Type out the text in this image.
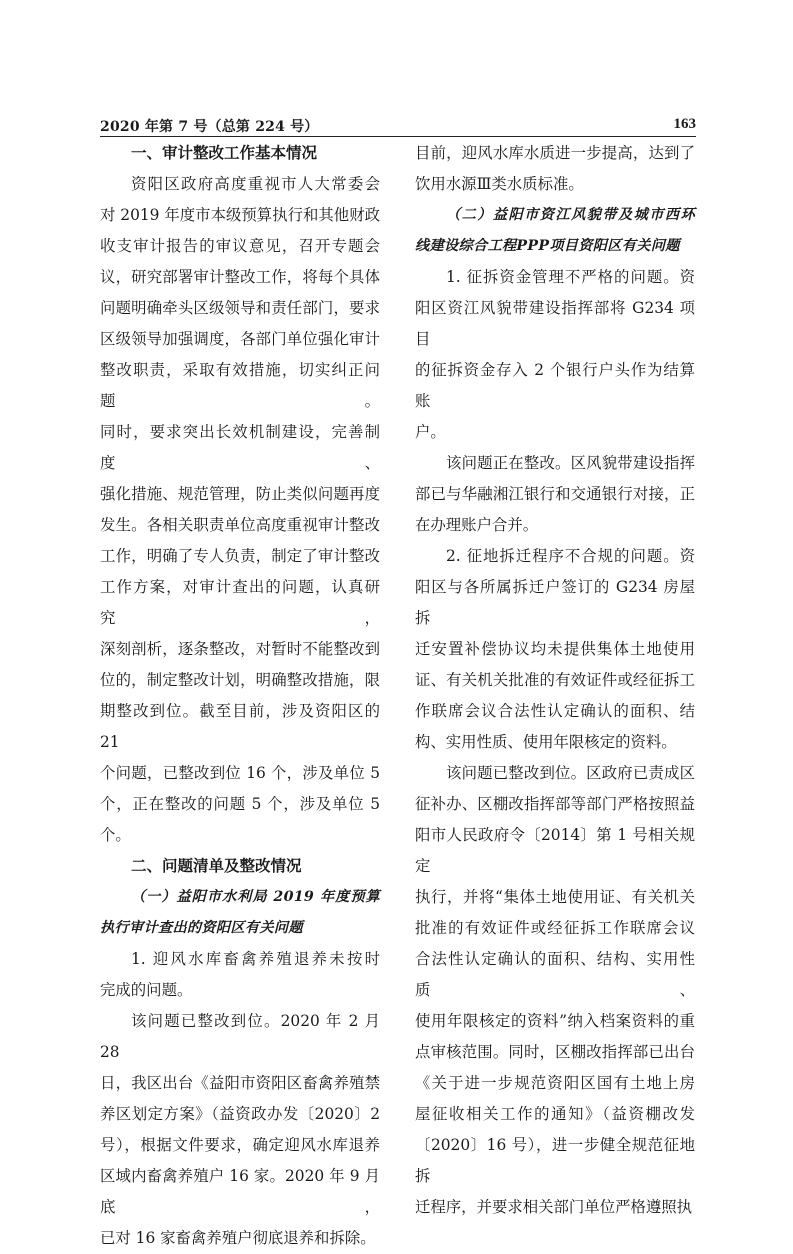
2020 年第 7 号（总第 224 号）	163

一、审计整改工作基本情况

资阳区政府高度重视市人大常委会

对 2019 年度市本级预算执行和其他财政

收支审计报告的审议意见，召开专题会

议，研究部署审计整改工作，将每个具体

问题明确牵头区级领导和责任部门，要求

区级领导加强调度，各部门单位强化审计

整改职责，采取有效措施，切实纠正问题。

同时，要求突出长效机制建设，完善制度、

强化措施、规范管理，防止类似问题再度

发生。各相关职责单位高度重视审计整改

工作，明确了专人负责，制定了审计整改

工作方案，对审计查出的问题，认真研究，

深刻剖析，逐条整改，对暂时不能整改到

位的，制定整改计划，明确整改措施，限

期整改到位。截至目前，涉及资阳区的 21

个问题，已整改到位 16 个，涉及单位 5

个，正在整改的问题 5 个，涉及单位 5 个。

二、问题清单及整改情况

（一）益阳市水利局 2019 年度预算

执行审计查出的资阳区有关问题

1. 迎风水库畜禽养殖退养未按时

完成的问题。

该问题已整改到位。2020 年 2 月 28

日，我区出台《益阳市资阳区畜禽养殖禁

养区划定方案》（益资政办发〔2020〕2

号），根据文件要求，确定迎风水库退养

区域内畜禽养殖户 16 家。2020 年 9 月底，

已对 16 家畜禽养殖户彻底退养和拆除。

目前，迎风水库水质进一步提高，达到了

饮用水源Ⅲ类水质标准。

（二）益阳市资江风貌带及城市西环

线建设综合工程PPP项目资阳区有关问题

1. 征拆资金管理不严格的问题。资

阳区资江风貌带建设指挥部将 G234 项目

的征拆资金存入 2 个银行户头作为结算账

户。

该问题正在整改。区风貌带建设指挥

部已与华融湘江银行和交通银行对接，正

在办理账户合并。

2. 征地拆迁程序不合规的问题。资

阳区与各所属拆迁户签订的 G234 房屋拆

迁安置补偿协议均未提供集体土地使用

证、有关机关批准的有效证件或经征拆工

作联席会议合法性认定确认的面积、结

构、实用性质、使用年限核定的资料。

该问题已整改到位。区政府已责成区

征补办、区棚改指挥部等部门严格按照益

阳市人民政府令〔2014〕第 1 号相关规定

执行，并将“集体土地使用证、有关机关

批准的有效证件或经征拆工作联席会议

合法性认定确认的面积、结构、实用性质、

使用年限核定的资料”纳入档案资料的重

点审核范围。同时，区棚改指挥部已出台

《关于进一步规范资阳区国有土地上房

屋征收相关工作的通知》（益资棚改发

〔2020〕16 号），进一步健全规范征地拆

迁程序，并要求相关部门单位严格遵照执
